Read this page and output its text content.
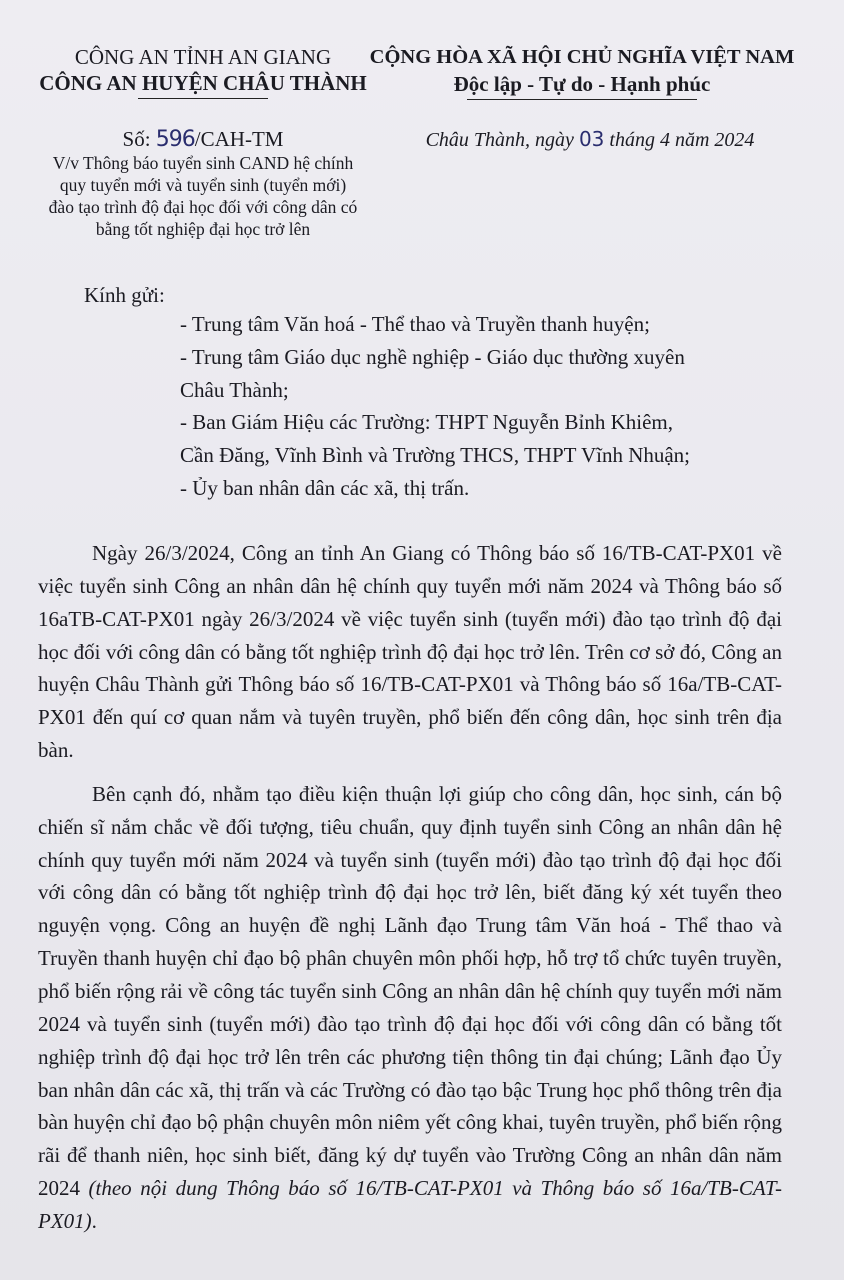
CÔNG AN TỈNH AN GIANG
CÔNG AN HUYỆN CHÂU THÀNH
CỘNG HÒA XÃ HỘI CHỦ NGHĨA VIỆT NAM
Độc lập - Tự do - Hạnh phúc
Số: 596/CAH-TM
V/v Thông báo tuyển sinh CAND hệ chính
quy tuyển mới và tuyển sinh (tuyển mới)
đào tạo trình độ đại học đối với công dân có
bằng tốt nghiệp đại học trở lên
Châu Thành, ngày 03 tháng 4 năm 2024
Kính gửi:
- Trung tâm Văn hoá - Thể thao và Truyền thanh huyện;
- Trung tâm Giáo dục nghề nghiệp - Giáo dục thường xuyên
Châu Thành;
- Ban Giám Hiệu các Trường: THPT Nguyễn Bỉnh Khiêm,
Cần Đăng, Vĩnh Bình và Trường THCS, THPT Vĩnh Nhuận;
- Ủy ban nhân dân các xã, thị trấn.

Ngày 26/3/2024, Công an tỉnh An Giang có Thông báo số 16/TB-CAT-PX01 về việc tuyển sinh Công an nhân dân hệ chính quy tuyển mới năm 2024 và Thông báo số 16aTB-CAT-PX01 ngày 26/3/2024 về việc tuyển sinh (tuyển mới) đào tạo trình độ đại học đối với công dân có bằng tốt nghiệp trình độ đại học trở lên. Trên cơ sở đó, Công an huyện Châu Thành gửi Thông báo số 16/TB-CAT-PX01 và Thông báo số 16a/TB-CAT-PX01 đến quí cơ quan nắm và tuyên truyền, phổ biến đến công dân, học sinh trên địa bàn.

Bên cạnh đó, nhằm tạo điều kiện thuận lợi giúp cho công dân, học sinh, cán bộ chiến sĩ nắm chắc về đối tượng, tiêu chuẩn, quy định tuyển sinh Công an nhân dân hệ chính quy tuyển mới năm 2024 và tuyển sinh (tuyển mới) đào tạo trình độ đại học đối với công dân có bằng tốt nghiệp trình độ đại học trở lên, biết đăng ký xét tuyển theo nguyện vọng. Công an huyện đề nghị Lãnh đạo Trung tâm Văn hoá - Thể thao và Truyền thanh huyện chỉ đạo bộ phân chuyên môn phối hợp, hỗ trợ tổ chức tuyên truyền, phổ biến rộng rải về công tác tuyển sinh Công an nhân dân hệ chính quy tuyển mới năm 2024 và tuyển sinh (tuyển mới) đào tạo trình độ đại học đối với công dân có bằng tốt nghiệp trình độ đại học trở lên trên các phương tiện thông tin đại chúng; Lãnh đạo Ủy ban nhân dân các xã, thị trấn và các Trường có đào tạo bậc Trung học phổ thông trên địa bàn huyện chỉ đạo bộ phận chuyên môn niêm yết công khai, tuyên truyền, phổ biến rộng rãi để thanh niên, học sinh biết, đăng ký dự tuyển vào Trường Công an nhân dân năm 2024 (theo nội dung Thông báo số 16/TB-CAT-PX01 và Thông báo số 16a/TB-CAT-PX01).
